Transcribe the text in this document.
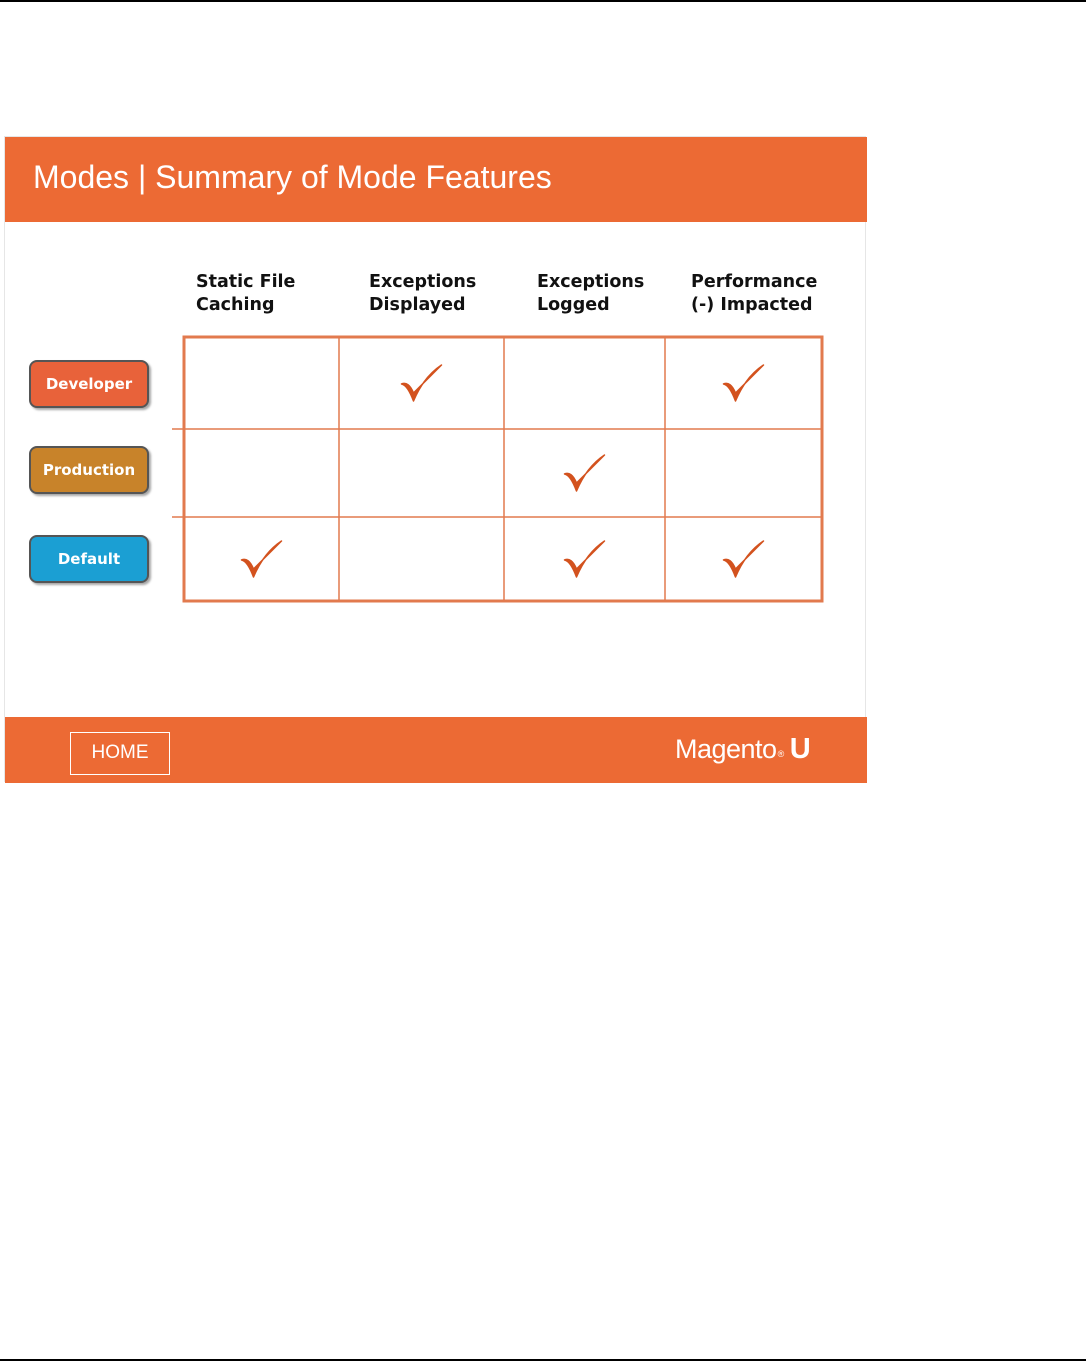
Modes | Summary of Mode Features
Static File
Caching
Exceptions
Displayed
Exceptions
Logged
Performance
(-) Impacted
Developer
Production
Default
HOME	Magento® U
